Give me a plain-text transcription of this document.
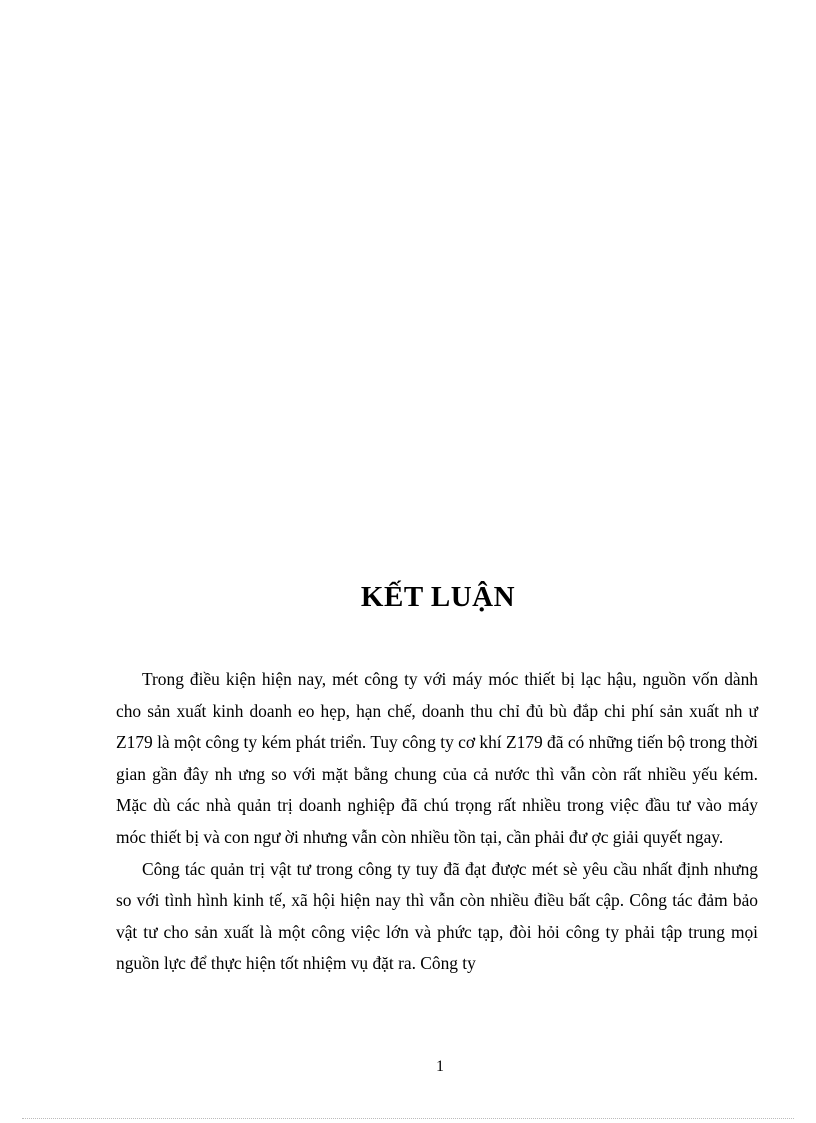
KẾT LUẬN

Trong điều kiện hiện nay, mét công ty với máy móc thiết bị lạc hậu, nguồn vốn dành cho sản xuất kinh doanh eo hẹp, hạn chế, doanh thu chỉ đủ bù đắp chi phí sản xuất nh ư Z179 là một công ty kém phát triển. Tuy công ty cơ khí Z179 đã có những tiến bộ trong thời gian gần đây nh ưng so với mặt bằng chung của cả nước thì vẫn còn rất nhiều yếu kém. Mặc dù các nhà quản trị doanh nghiệp đã chú trọng rất nhiều trong việc đầu tư vào máy móc thiết bị và con ngư ời nhưng vẫn còn nhiều tồn tại, cần phải đư ợc giải quyết ngay.

Công tác quản trị vật tư trong công ty tuy đã đạt được mét sè yêu cầu nhất định nhưng so với tình hình kinh tế, xã hội hiện nay thì vẫn còn nhiều điều bất cập. Công tác đảm bảo vật tư cho sản xuất là một công việc lớn và phức tạp, đòi hỏi công ty phải tập trung mọi nguồn lực để thực hiện tốt nhiệm vụ đặt ra. Công ty

1
